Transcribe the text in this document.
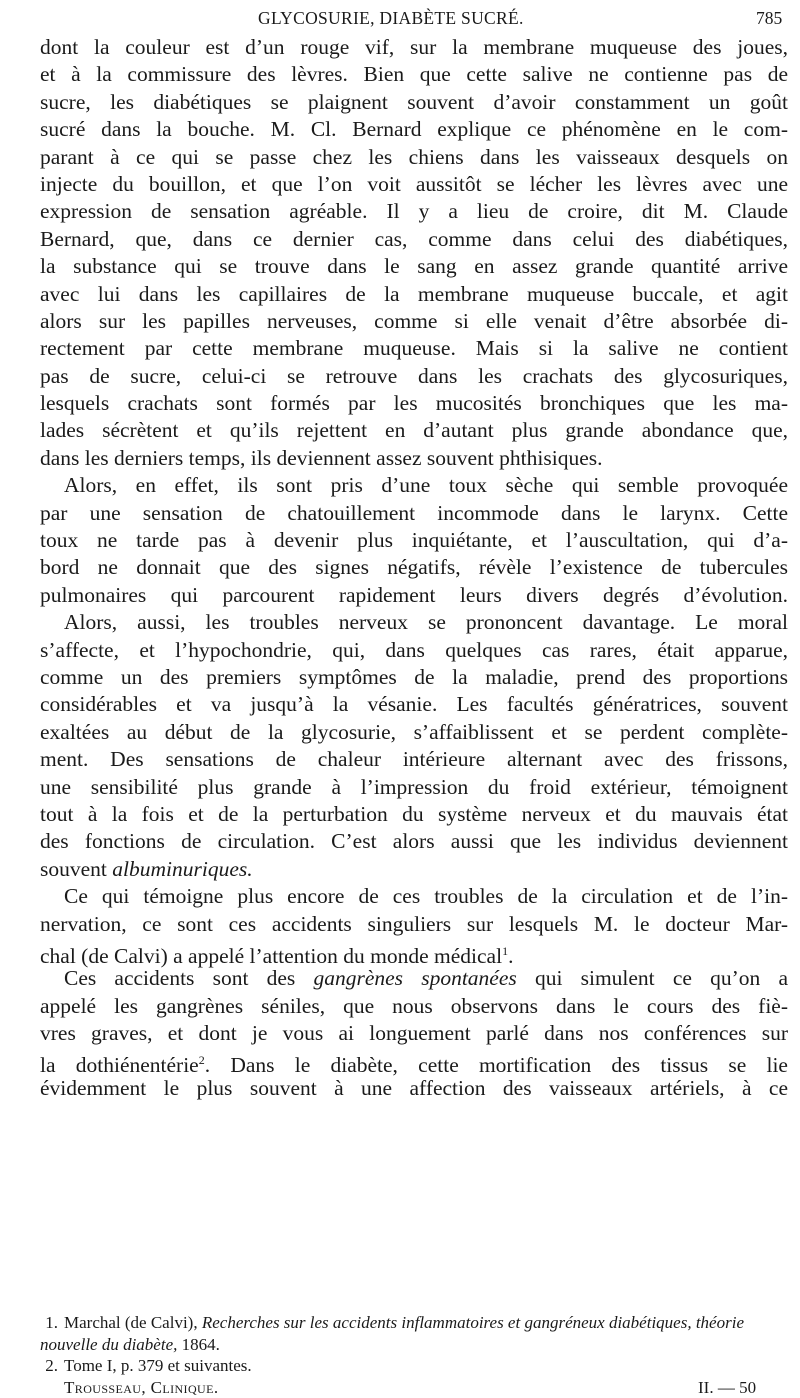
GLYCOSURIE, DIABÈTE SUCRÉ.	785
dont la couleur est d’un rouge vif, sur la membrane muqueuse des joues,
et à la commissure des lèvres. Bien que cette salive ne contienne pas de
sucre, les diabétiques se plaignent souvent d’avoir constamment un goût
sucré dans la bouche. M. Cl. Bernard explique ce phénomène en le com-
parant à ce qui se passe chez les chiens dans les vaisseaux desquels on
injecte du bouillon, et que l’on voit aussitôt se lécher les lèvres avec une
expression de sensation agréable. Il y a lieu de croire, dit M. Claude
Bernard, que, dans ce dernier cas, comme dans celui des diabétiques,
la substance qui se trouve dans le sang en assez grande quantité arrive
avec lui dans les capillaires de la membrane muqueuse buccale, et agit
alors sur les papilles nerveuses, comme si elle venait d’être absorbée di-
rectement par cette membrane muqueuse. Mais si la salive ne contient
pas de sucre, celui-ci se retrouve dans les crachats des glycosuriques,
lesquels crachats sont formés par les mucosités bronchiques que les ma-
lades sécrètent et qu’ils rejettent en d’autant plus grande abondance que,
dans les derniers temps, ils deviennent assez souvent phthisiques.
Alors, en effet, ils sont pris d’une toux sèche qui semble provoquée
par une sensation de chatouillement incommode dans le larynx. Cette
toux ne tarde pas à devenir plus inquiétante, et l’auscultation, qui d’a-
bord ne donnait que des signes négatifs, révèle l’existence de tubercules
pulmonaires qui parcourent rapidement leurs divers degrés d’évolution.
Alors, aussi, les troubles nerveux se prononcent davantage. Le moral
s’affecte, et l’hypochondrie, qui, dans quelques cas rares, était apparue,
comme un des premiers symptômes de la maladie, prend des proportions
considérables et va jusqu’à la vésanie. Les facultés génératrices, souvent
exaltées au début de la glycosurie, s’affaiblissent et se perdent complète-
ment. Des sensations de chaleur intérieure alternant avec des frissons,
une sensibilité plus grande à l’impression du froid extérieur, témoignent
tout à la fois et de la perturbation du système nerveux et du mauvais état
des fonctions de circulation. C’est alors aussi que les individus deviennent
souvent albuminuriques.
Ce qui témoigne plus encore de ces troubles de la circulation et de l’in-
nervation, ce sont ces accidents singuliers sur lesquels M. le docteur Mar-
chal (de Calvi) a appelé l’attention du monde médical$^1$.
Ces accidents sont des gangrènes spontanées qui simulent ce qu’on a
appelé les gangrènes séniles, que nous observons dans le cours des fiè-
vres graves, et dont je vous ai longuement parlé dans nos conférences sur
la dothiénentérie$^2$. Dans le diabète, cette mortification des tissus se lie
évidemment le plus souvent à une affection des vaisseaux artériels, à ce
1. Marchal (de Calvi), Recherches sur les accidents inflammatoires et gangréneux diabétiques, théorie nouvelle du diabète, 1864.
2. Tome I, p. 379 et suivantes.
Trousseau, Clinique.	II. — 50
